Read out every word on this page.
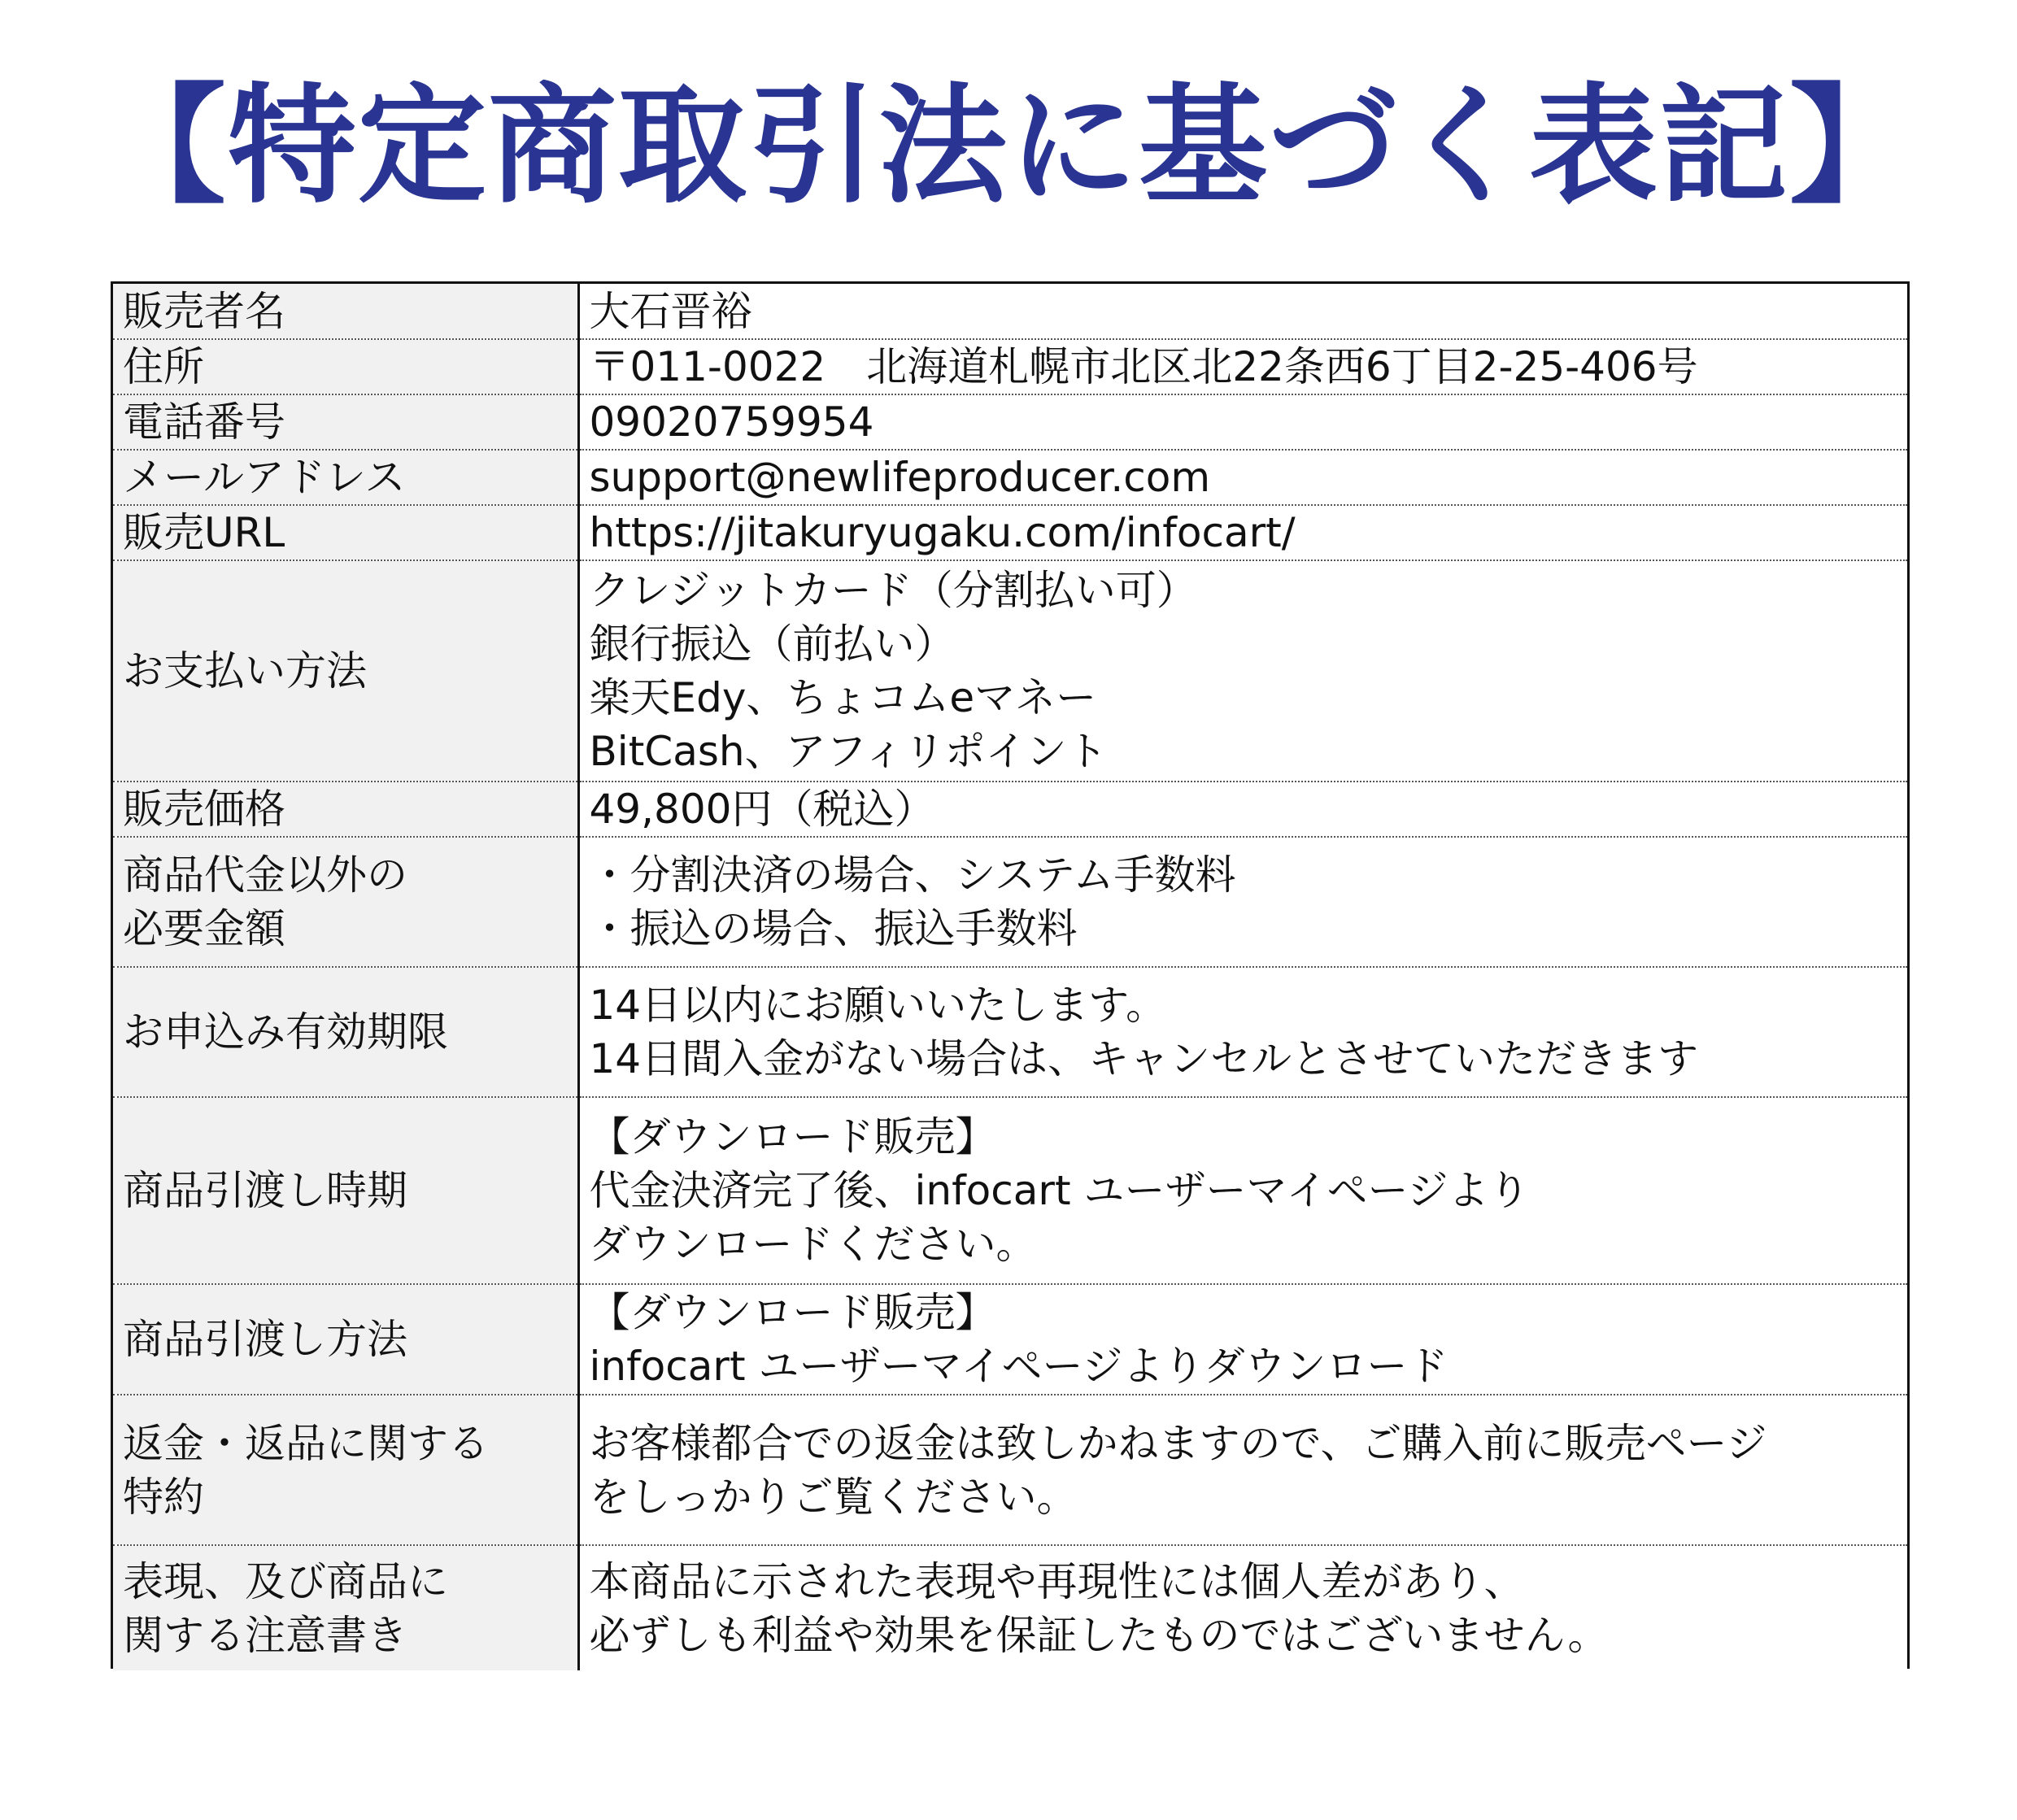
【特定商取引法に基づく表記】
販売者名	大石晋裕

住所	〒011-0022　北海道札幌市北区北22条西6丁目2-25-406号

電話番号	09020759954

メールアドレス	support@newlifeproducer.com

販売URL	https://jitakuryugaku.com/infocart/

お支払い方法	クレジットカード（分割払い可）
銀行振込（前払い）
楽天Edy、ちょコムeマネー
BitCash、アフィリポイント

販売価格	49,800円（税込）

商品代金以外の
必要金額	・分割決済の場合、システム手数料
・振込の場合、振込手数料

お申込み有効期限	14日以内にお願いいたします。
14日間入金がない場合は、キャンセルとさせていただきます

商品引渡し時期	【ダウンロード販売】
代金決済完了後、infocart ユーザーマイページより
ダウンロードください。

商品引渡し方法	【ダウンロード販売】
infocart ユーザーマイページよりダウンロード

返金・返品に関する
特約	お客様都合での返金は致しかねますので、ご購入前に販売ページ
をしっかりご覧ください。

表現、及び商品に
関する注意書き	本商品に示された表現や再現性には個人差があり、
必ずしも利益や効果を保証したものではございません。
